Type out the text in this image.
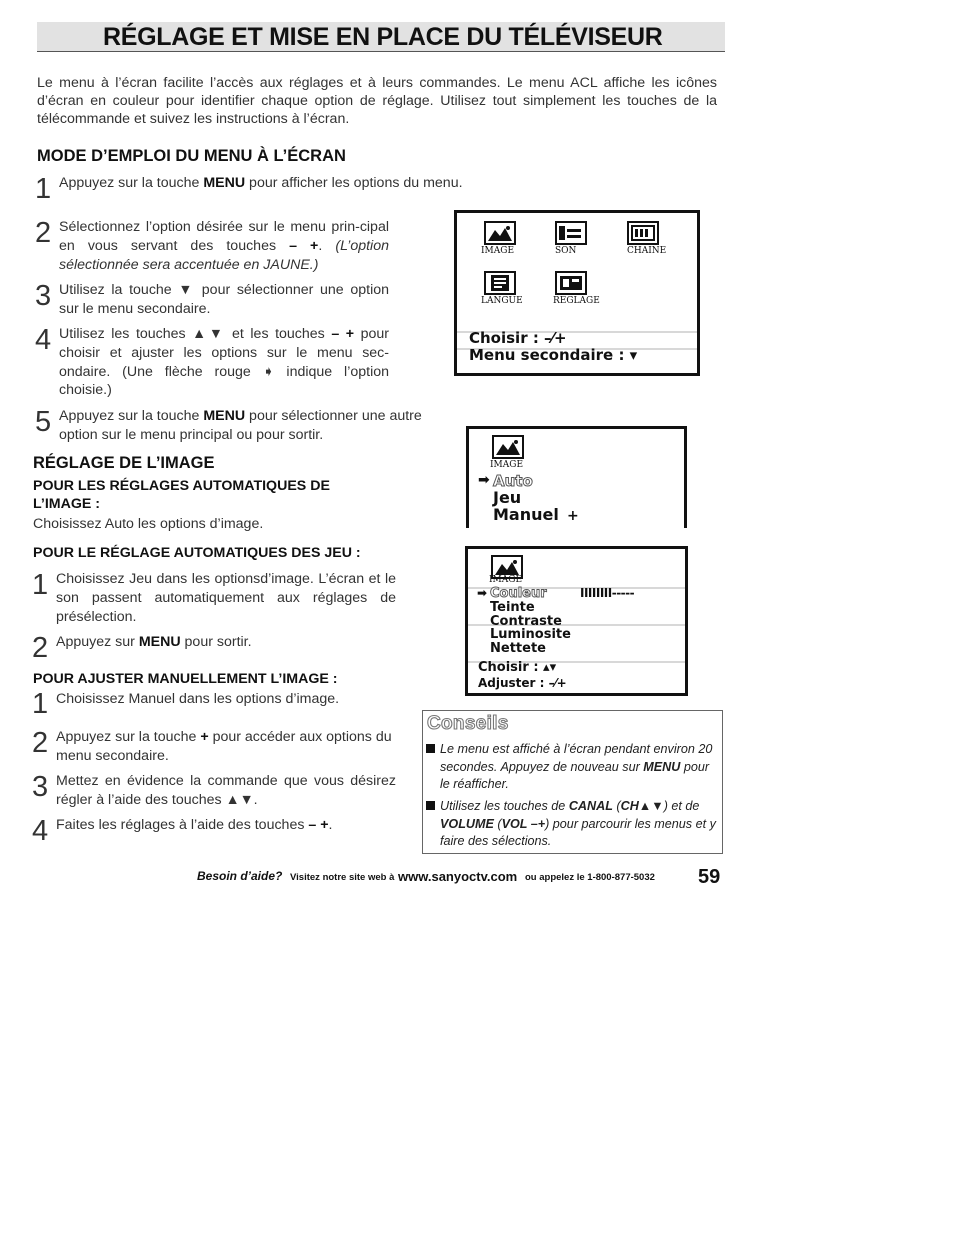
RÉGLAGE ET MISE EN PLACE DU TÉLÉVISEUR
Le menu à l’écran facilite l’accès aux réglages et à leurs commandes. Le menu ACL affiche les icônes d’écran en couleur pour identifier chaque option de réglage. Utilisez tout simplement les touches de la télécommande et suivez les instructions à l’écran.
MODE D’EMPLOI DU MENU À L’ÉCRAN
1 Appuyez sur la touche MENU pour afficher les options du menu.
2 Sélectionnez l’option désirée sur le menu prin-cipal en vous servant des touches – +. (L’option sélectionnée sera accentuée en JAUNE.)
3 Utilisez la touche ▼ pour sélectionner une option sur le menu secondaire.
4 Utilisez les touches ▲▼ et les touches – + pour choisir et ajuster les options sur le menu sec-ondaire. (Une flèche rouge ➧ indique l’option choisie.)
5 Appuyez sur la touche MENU pour sélectionner une autre option sur le menu principal ou pour sortir.
IMAGE	SON	CHAINE
LANGUE	REGLAGE
Choisir : –⁄+
Menu secondaire : ▾
IMAGE
➡ Auto
Jeu
Manuel +
IMAGE
➡ Couleur	IIIIIIII-----
Teinte
Contraste
Luminosite
Nettete
Choisir : ▴▾
Adjuster : –⁄+
RÉGLAGE DE L’IMAGE
POUR LES RÉGLAGES AUTOMATIQUES DE L’IMAGE :
Choisissez Auto les options d’image.
POUR LE RÉGLAGE AUTOMATIQUES DES JEU :
1 Choisissez Jeu dans les optionsd’image. L’écran et le son passent automatiquement aux réglages de présélection.
2 Appuyez sur MENU pour sortir.
POUR AJUSTER MANUELLEMENT L’IMAGE :
1 Choisissez Manuel dans les options d’image.
2 Appuyez sur la touche + pour accéder aux options du menu secondaire.
3 Mettez en évidence la commande que vous désirez régler à l’aide des touches ▲▼.
4 Faites les réglages à l’aide des touches – +.
Conseils
Le menu est affiché à l’écran pendant environ 20 secondes. Appuyez de nouveau sur MENU pour le réafficher.
Utilisez les touches de CANAL (CH▲▼) et de VOLUME (VOL –+) pour parcourir les menus et y faire des sélections.
Besoin d’aide? Visitez notre site web à www.sanyoctv.com ou appelez le 1-800-877-5032 59
